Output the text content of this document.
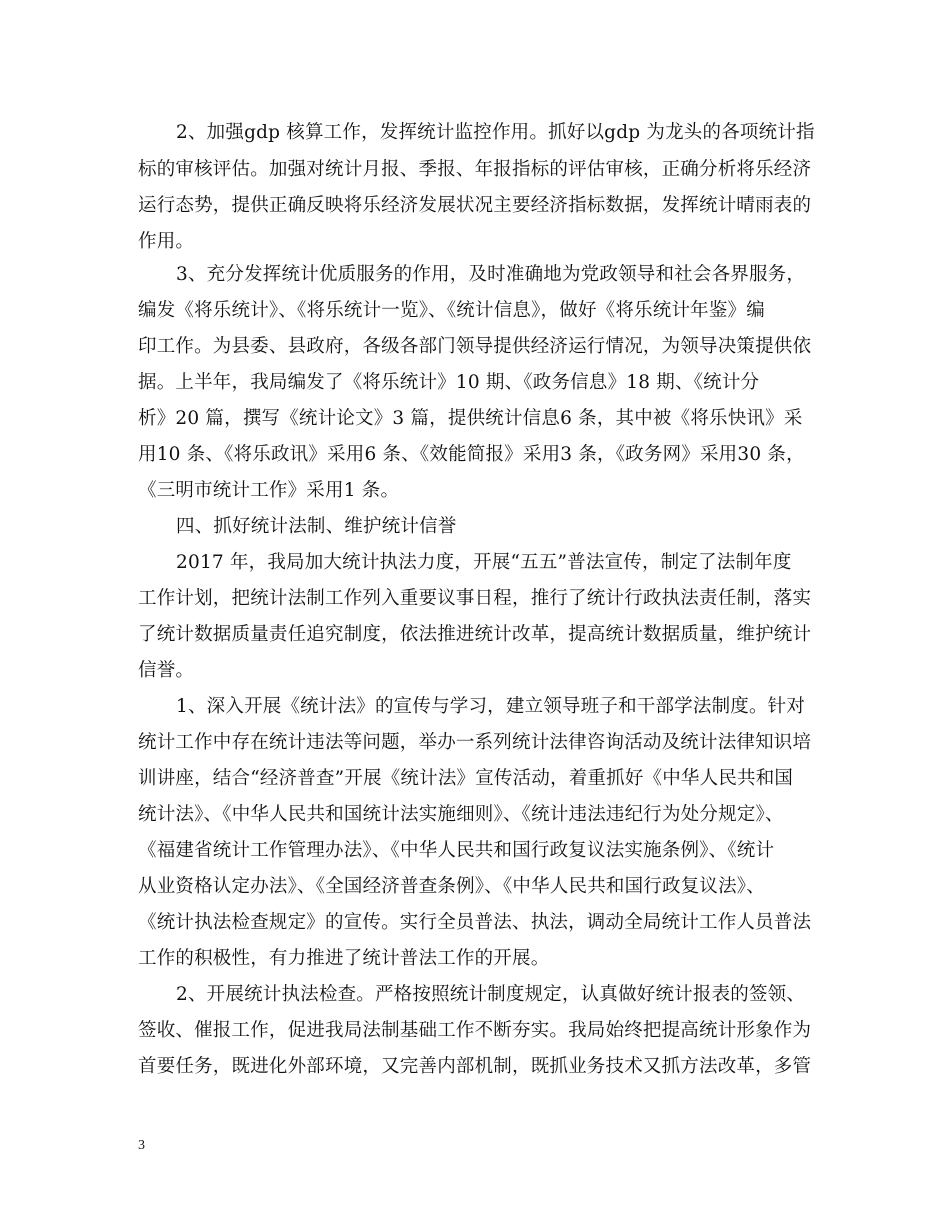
2、加强gdp 核算工作，发挥统计监控作用。抓好以gdp 为龙头的各项统计指
标的审核评估。加强对统计月报、季报、年报指标的评估审核，正确分析将乐经济
运行态势，提供正确反映将乐经济发展状况主要经济指标数据，发挥统计晴雨表的
作用。
3、充分发挥统计优质服务的作用，及时准确地为党政领导和社会各界服务，
编发《将乐统计》、《将乐统计一览》、《统计信息》，做好《将乐统计年鉴》编
印工作。为县委、县政府，各级各部门领导提供经济运行情况，为领导决策提供依
据。上半年，我局编发了《将乐统计》10 期、《政务信息》18 期、《统计分
析》20 篇，撰写《统计论文》3 篇，提供统计信息6 条，其中被《将乐快讯》采
用10 条、《将乐政讯》采用6 条、《效能简报》采用3 条，《政务网》采用30 条，
《三明市统计工作》采用1 条。
四、抓好统计法制、维护统计信誉
2017 年，我局加大统计执法力度，开展“五五”普法宣传，制定了法制年度
工作计划，把统计法制工作列入重要议事日程，推行了统计行政执法责任制，落实
了统计数据质量责任追究制度，依法推进统计改革，提高统计数据质量，维护统计
信誉。
1、深入开展《统计法》的宣传与学习，建立领导班子和干部学法制度。针对
统计工作中存在统计违法等问题，举办一系列统计法律咨询活动及统计法律知识培
训讲座，结合“经济普查”开展《统计法》宣传活动，着重抓好《中华人民共和国
统计法》、《中华人民共和国统计法实施细则》、《统计违法违纪行为处分规定》、
《福建省统计工作管理办法》、《中华人民共和国行政复议法实施条例》、《统计
从业资格认定办法》、《全国经济普查条例》、《中华人民共和国行政复议法》、
《统计执法检查规定》的宣传。实行全员普法、执法，调动全局统计工作人员普法
工作的积极性，有力推进了统计普法工作的开展。
2、开展统计执法检查。严格按照统计制度规定，认真做好统计报表的签领、
签收、催报工作，促进我局法制基础工作不断夯实。我局始终把提高统计形象作为
首要任务，既进化外部环境，又完善内部机制，既抓业务技术又抓方法改革，多管
3
